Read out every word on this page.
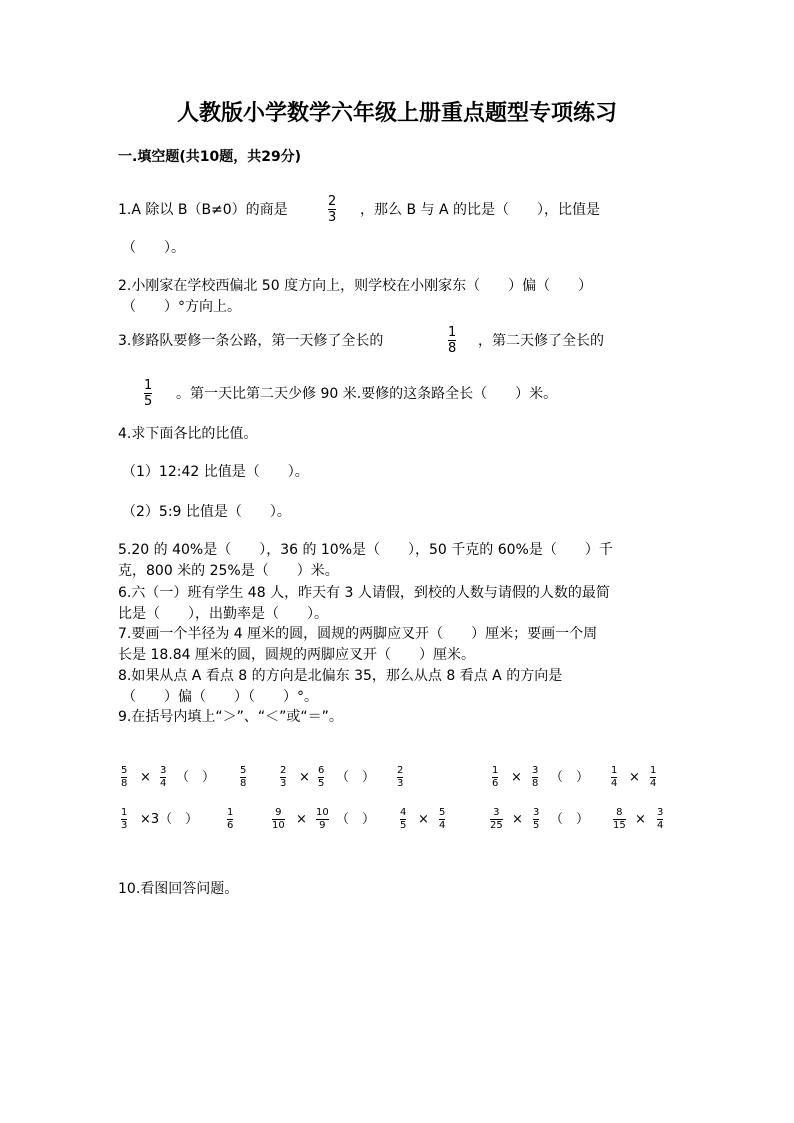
人教版小学数学六年级上册重点题型专项练习
一.填空题(共10题，共29分)
1.A 除以 B（B≠0）的商是
2
3 ，那么 B 与 A 的比是（　　），比值是
（　　）。
2.小刚家在学校西偏北 50 度方向上，则学校在小刚家东（　　）偏（　　）
（　　）°方向上。
3.修路队要修一条公路，第一天修了全长的
1
8 ，第二天修了全长的
1
5 。第一天比第二天少修 90 米.要修的这条路全长（　　）米。
4.求下面各比的比值。
（1）12:42 比值是（　　）。
（2）5:9 比值是（　　）。
5.20 的 40%是（　　），36 的 10%是（　　），50 千克的 60%是（　　）千
克，800 米的 25%是（　　）米。
6.六（一）班有学生 48 人，昨天有 3 人请假，到校的人数与请假的人数的最简
比是（　　），出勤率是（　　）。
7.要画一个半径为 4 厘米的圆，圆规的两脚应叉开（　　）厘米；要画一个周
长是 18.84 厘米的圆，圆规的两脚应叉开（　　）厘米。
8.如果从点 A 看点 8 的方向是北偏东 35，那么从点 8 看点 A 的方向是
（　　）偏（　　）（　　）°。
9.在括号内填上“＞”、“＜”或“＝”。
5
8 × 3
4 （　） 5
8
2
3 × 6
5 （　） 2
3
1
6 × 3
8 （　） 1
4 × 1
4
1
3 ×3（　）	1
6
9
10 × 10
9 （　） 4
5 × 5
4
3
25 × 3
5 （　）	8
15 × 3
4
10.看图回答问题。
